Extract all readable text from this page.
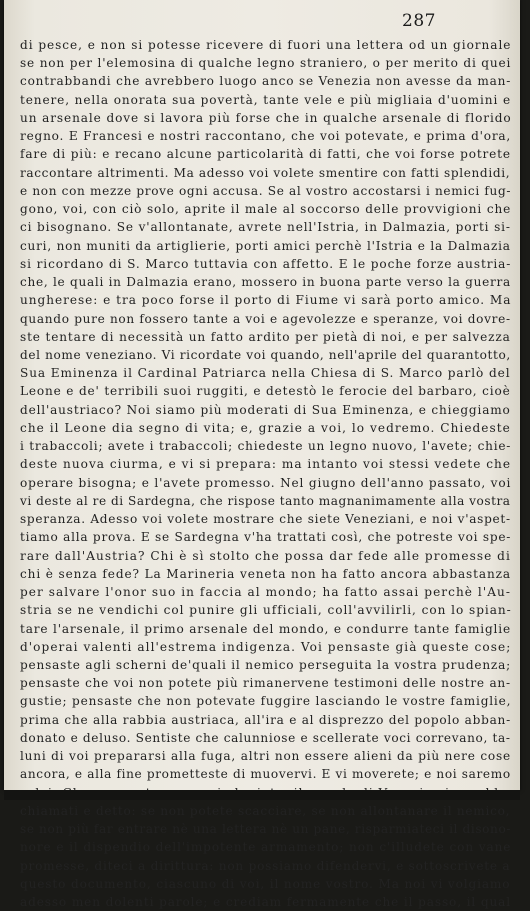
287
di pesce, e non si potesse ricevere di fuori una lettera od un giornale
se non per l'elemosina di qualche legno straniero, o per merito di quei
contrabbandi che avrebbero luogo anco se Venezia non avesse da man-
tenere, nella onorata sua povertà, tante vele e più migliaia d'uomini e
un arsenale dove si lavora più forse che in qualche arsenale di florido
regno. E Francesi e nostri raccontano, che voi potevate, e prima d'ora,
fare di più: e recano alcune particolarità di fatti, che voi forse potrete
raccontare altrimenti. Ma adesso voi volete smentire con fatti splendidi,
e non con mezze prove ogni accusa. Se al vostro accostarsi i nemici fug-
gono, voi, con ciò solo, aprite il male al soccorso delle provvigioni che
ci bisognano. Se v'allontanate, avrete nell'Istria, in Dalmazia, porti si-
curi, non muniti da artiglierie, porti amici perchè l'Istria e la Dalmazia
si ricordano di S. Marco tuttavia con affetto. E le poche forze austria-
che, le quali in Dalmazia erano, mossero in buona parte verso la guerra
ungherese: e tra poco forse il porto di Fiume vi sarà porto amico. Ma
quando pure non fossero tante a voi e agevolezze e speranze, voi dovre-
ste tentare di necessità un fatto ardito per pietà di noi, e per salvezza
del nome veneziano. Vi ricordate voi quando, nell'aprile del quarantotto,
Sua Eminenza il Cardinal Patriarca nella Chiesa di S. Marco parlò del
Leone e de' terribili suoi ruggiti, e detestò le ferocie del barbaro, cioè
dell'austriaco? Noi siamo più moderati di Sua Eminenza, e chieggiamo
che il Leone dia segno di vita; e, grazie a voi, lo vedremo. Chiedeste
i trabaccoli; avete i trabaccoli; chiedeste un legno nuovo, l'avete; chie-
deste nuova ciurma, e vi si prepara: ma intanto voi stessi vedete che
operare bisogna; e l'avete promesso. Nel giugno dell'anno passato, voi
vi deste al re di Sardegna, che rispose tanto magnanimamente alla vostra
speranza. Adesso voi volete mostrare che siete Veneziani, e noi v'aspet-
tiamo alla prova. E se Sardegna v'ha trattati così, che potreste voi spe-
rare dall'Austria? Chi è sì stolto che possa dar fede alle promesse di
chi è senza fede? La Marineria veneta non ha fatto ancora abbastanza
per salvare l'onor suo in faccia al mondo; ha fatto assai perchè l'Au-
stria se ne vendichi col punire gli ufficiali, coll'avvilirli, con lo spian-
tare l'arsenale, il primo arsenale del mondo, e condurre tante famiglie
d'operai valenti all'estrema indigenza. Voi pensaste già queste cose;
pensaste agli scherni de'quali il nemico perseguita la vostra prudenza;
pensaste che voi non potete più rimanervene testimoni delle nostre an-
gustie; pensaste che non potevate fuggire lasciando le vostre famiglie,
prima che alla rabbia austriaca, all'ira e al disprezzo del popolo abban-
donato e deluso. Sentiste che calunniose e scellerate voci correvano, ta-
luni di voi prepararsi alla fuga, altri non essere alieni da più nere cose
ancora, e alla fine prometteste di muovervi. E vi moverete; e noi saremo
chiamati e detto: se non potete scacciare, se non allontanare il nemico,
se non più far entrare nè una lettera nè un pane, risparmiateci il disono-
nore e il dispendio dell'impotente armamento; non c'illudete con vane
promesse, diteci a dirittura: non possiamo difendervi, e sottoscrivete a
questo documento, ciascuno di voi, il nome vostro. Ma noi vi volgiamo
adesso men dolenti parole; e crediam fermamente che il passo, il qual
